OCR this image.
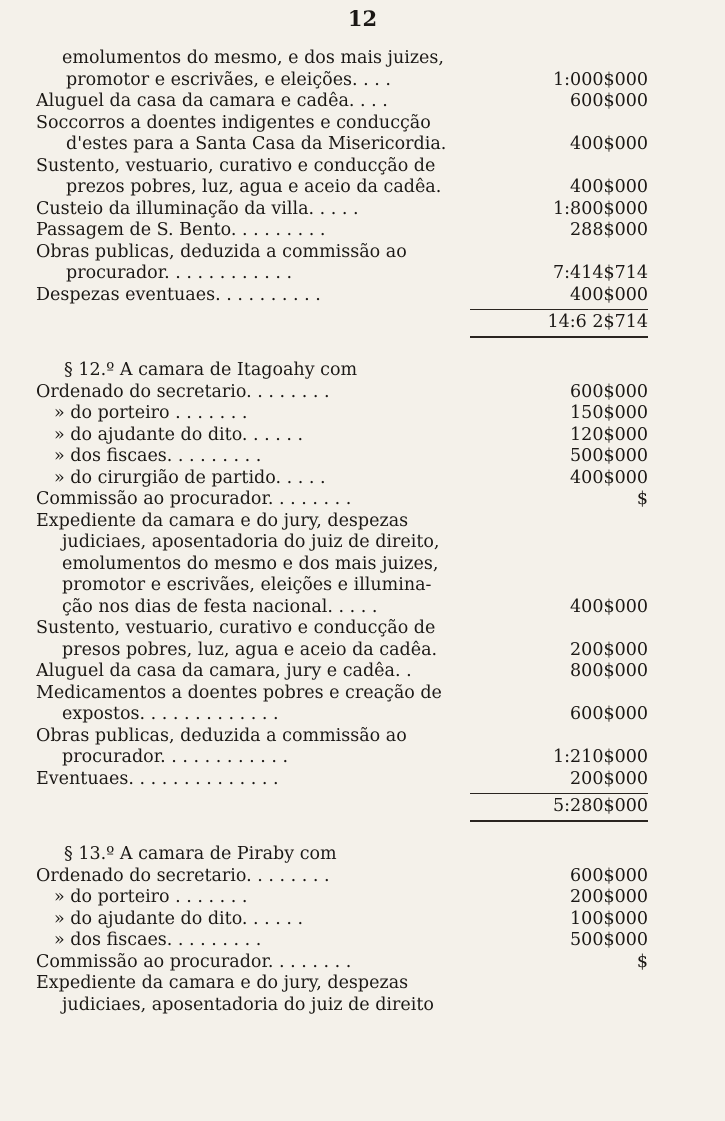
12
emolumentos do mesmo, e dos mais juizes,
promotor e escrivães, e eleições. . . .	1:000$000
Aluguel da casa da camara e cadêa. . . .	600$000
Soccorros a doentes indigentes e conducção
d'estes para a Santa Casa da Misericordia.	400$000
Sustento, vestuario, curativo e conducção de
prezos pobres, luz, agua e aceio da cadêa.	400$000
Custeio da illuminação da villa. . . . .	1:800$000
Passagem de S. Bento. . . . . . . . .	288$000
Obras publicas, deduzida a commissão ao
procurador. . . . . . . . . . . .	7:414$714
Despezas eventuaes. . . . . . . . . .	400$000
14:6 2$714
§ 12.º A camara de Itagoahy com
Ordenado do secretario. . . . . . . .	600$000
» do porteiro . . . . . . .	150$000
» do ajudante do dito. . . . . .	120$000
» dos fiscaes. . . . . . . . .	500$000
» do cirurgião de partido. . . . .	400$000
Commissão ao procurador. . . . . . . .	$
Expediente da camara e do jury, despezas
judiciaes, aposentadoria do juiz de direito,
emolumentos do mesmo e dos mais juizes,
promotor e escrivães, eleições e illumina-
ção nos dias de festa nacional. . . . .	400$000
Sustento, vestuario, curativo e conducção de
presos pobres, luz, agua e aceio da cadêa.	200$000
Aluguel da casa da camara, jury e cadêa. .	800$000
Medicamentos a doentes pobres e creação de
expostos. . . . . . . . . . . . .	600$000
Obras publicas, deduzida a commissão ao
procurador. . . . . . . . . . . .	1:210$000
Eventuaes. . . . . . . . . . . . . .	200$000
5:280$000
§ 13.º A camara de Piraby com
Ordenado do secretario. . . . . . . .	600$000
» do porteiro . . . . . . .	200$000
» do ajudante do dito. . . . . .	100$000
» dos fiscaes. . . . . . . . .	500$000
Commissão ao procurador. . . . . . . .	$
Expediente da camara e do jury, despezas
judiciaes, aposentadoria do juiz de direito
